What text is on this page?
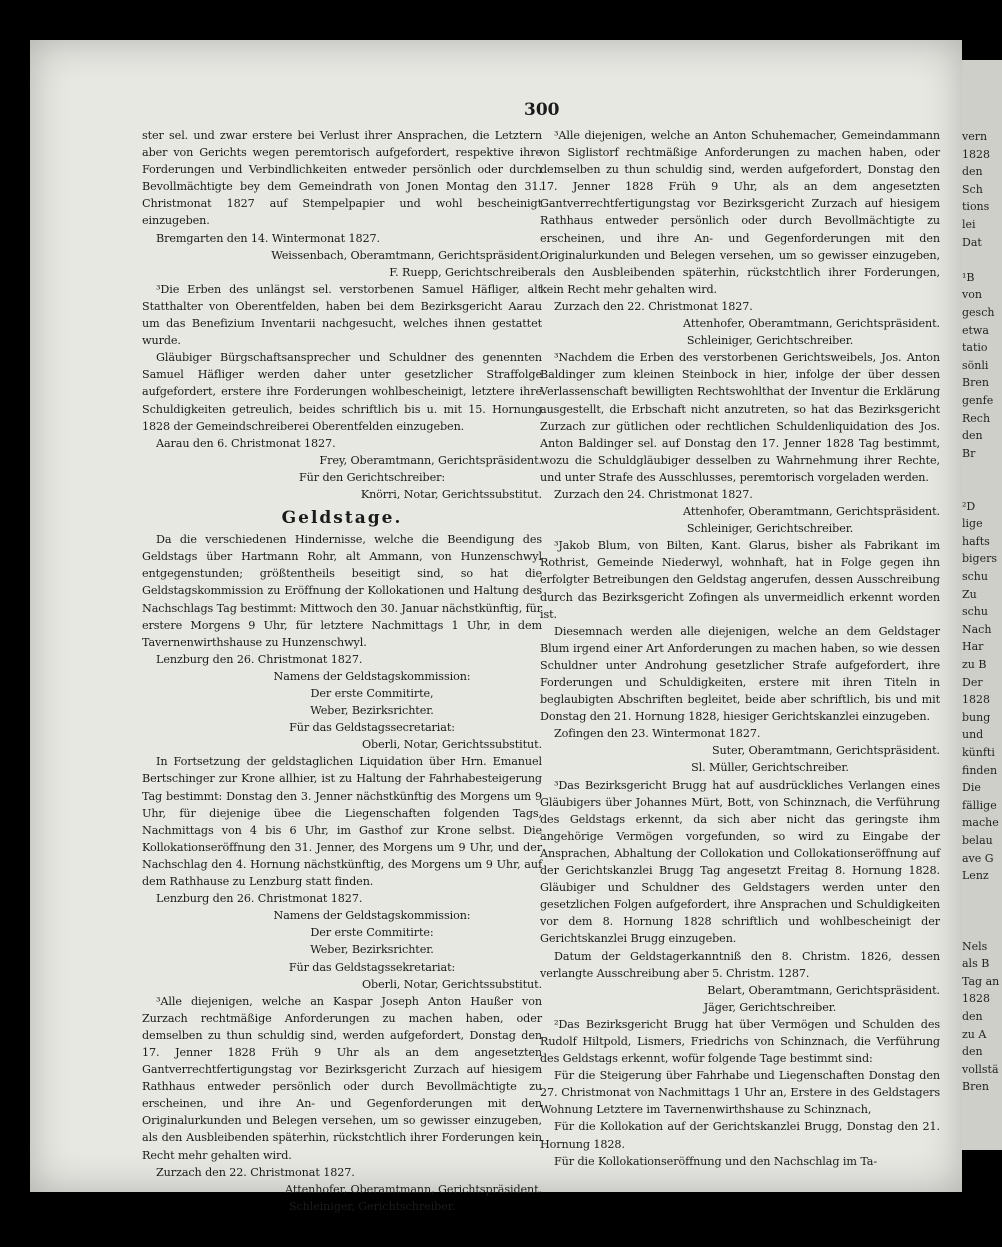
300

ster sel. und zwar erstere bei Verlust ihrer Ansprachen, die Letztern aber von Gerichts wegen peremtorisch aufgefordert, respektive ihre Forderungen und Verbindlichkeiten entweder persönlich oder durch Bevollmächtigte bey dem Gemeindrath von Jonen Montag den 31. Christmonat 1827 auf Stempelpapier und wohl bescheinigt einzugeben.

Bremgarten den 14. Wintermonat 1827.

Weissenbach, Oberamtmann, Gerichtspräsident.

F. Ruepp, Gerichtschreiber.

³Die Erben des unlängst sel. verstorbenen Samuel Häfliger, alt Statthalter von Oberentfelden, haben bei dem Bezirksgericht Aarau um das Benefizium Inventarii nachgesucht, welches ihnen gestattet wurde.

Gläubiger Bürgschaftsansprecher und Schuldner des genennten Samuel Häfliger werden daher unter gesetzlicher Straffolge aufgefordert, erstere ihre Forderungen wohlbescheinigt, letztere ihre Schuldigkeiten getreulich, beides schriftlich bis u. mit 15. Hornung 1828 der Gemeindschreiberei Oberentfelden einzugeben.

Aarau den 6. Christmonat 1827.

Frey, Oberamtmann, Gerichtspräsident.

Für den Gerichtschreiber:

Knörri, Notar, Gerichtssubstitut.

Geldstage.

Da die verschiedenen Hindernisse, welche die Beendigung des Geldstags über Hartmann Rohr, alt Ammann, von Hunzenschwyl entgegenstunden; größtentheils beseitigt sind, so hat die Geldstagskommission zu Eröffnung der Kollokationen und Haltung des Nachschlags Tag bestimmt: Mittwoch den 30. Januar nächstkünftig, für erstere Morgens 9 Uhr, für letztere Nachmittags 1 Uhr, in dem Tavernenwirthshause zu Hunzenschwyl.

Lenzburg den 26. Christmonat 1827.

Namens der Geldstagskommission:

Der erste Commitirte,

Weber, Bezirksrichter.

Für das Geldstagssecretariat:

Oberli, Notar, Gerichtssubstitut.

In Fortsetzung der geldstaglichen Liquidation über Hrn. Emanuel Bertschinger zur Krone allhier, ist zu Haltung der Fahrhabesteigerung Tag bestimmt: Donstag den 3. Jenner nächstkünftig des Morgens um 9 Uhr, für diejenige übee die Liegenschaften folgenden Tags, Nachmittags von 4 bis 6 Uhr, im Gasthof zur Krone selbst. Die Kollokationseröffnung den 31. Jenner, des Morgens um 9 Uhr, und der Nachschlag den 4. Hornung nächstkünftig, des Morgens um 9 Uhr, auf dem Rathhause zu Lenzburg statt finden.

Lenzburg den 26. Christmonat 1827.

Namens der Geldstagskommission:

Der erste Commitirte:

Weber, Bezirksrichter.

Für das Geldstagssekretariat:

Oberli, Notar, Gerichtssubstitut.

³Alle diejenigen, welche an Kaspar Joseph Anton Haußer von Zurzach rechtmäßige Anforderungen zu machen haben, oder demselben zu thun schuldig sind, werden aufgefordert, Donstag den 17. Jenner 1828 Früh 9 Uhr als an dem angesetzten Gantverrechtfertigungstag vor Bezirksgericht Zurzach auf hiesigem Rathhaus entweder persönlich oder durch Bevollmächtigte zu erscheinen, und ihre An- und Gegenforderungen mit den Originalurkunden und Belegen versehen, um so gewisser einzugeben, als den Ausbleibenden späterhin, rückstchtlich ihrer Forderungen kein Recht mehr gehalten wird.

Zurzach den 22. Christmonat 1827.

Attenhofer, Oberamtmann, Gerichtspräsident.

Schleiniger, Gerichtschreiber.

³Alle diejenigen, welche an Anton Schuhemacher, Gemeindammann von Siglistorf rechtmäßige Anforderungen zu machen haben, oder demselben zu thun schuldig sind, werden aufgefordert, Donstag den 17. Jenner 1828 Früh 9 Uhr, als an dem angesetzten Gantverrechtfertigungstag vor Bezirksgericht Zurzach auf hiesigem Rathhaus entweder persönlich oder durch Bevollmächtigte zu erscheinen, und ihre An- und Gegenforderungen mit den Originalurkunden und Belegen versehen, um so gewisser einzugeben, als den Ausbleibenden späterhin, rückstchtlich ihrer Forderungen, kein Recht mehr gehalten wird.

Zurzach den 22. Christmonat 1827.

Attenhofer, Oberamtmann, Gerichtspräsident.

Schleiniger, Gerichtschreiber.

³Nachdem die Erben des verstorbenen Gerichtsweibels, Jos. Anton Baldinger zum kleinen Steinbock in hier, infolge der über dessen Verlassenschaft bewilligten Rechtswohlthat der Inventur die Erklärung ausgestellt, die Erbschaft nicht anzutreten, so hat das Bezirksgericht Zurzach zur gütlichen oder rechtlichen Schuldenliquidation des Jos. Anton Baldinger sel. auf Donstag den 17. Jenner 1828 Tag bestimmt, wozu die Schuldgläubiger desselben zu Wahrnehmung ihrer Rechte, und unter Strafe des Ausschlusses, peremtorisch vorgeladen werden.

Zurzach den 24. Christmonat 1827.

Attenhofer, Oberamtmann, Gerichtspräsident.

Schleiniger, Gerichtschreiber.

³Jakob Blum, von Bilten, Kant. Glarus, bisher als Fabrikant im Rothrist, Gemeinde Niederwyl, wohnhaft, hat in Folge gegen ihn erfolgter Betreibungen den Geldstag angerufen, dessen Ausschreibung durch das Bezirksgericht Zofingen als unvermeidlich erkennt worden ist.

Diesemnach werden alle diejenigen, welche an dem Geldstager Blum irgend einer Art Anforderungen zu machen haben, so wie dessen Schuldner unter Androhung gesetzlicher Strafe aufgefordert, ihre Forderungen und Schuldigkeiten, erstere mit ihren Titeln in beglaubigten Abschriften begleitet, beide aber schriftlich, bis und mit Donstag den 21. Hornung 1828, hiesiger Gerichtskanzlei einzugeben.

Zofingen den 23. Wintermonat 1827.

Suter, Oberamtmann, Gerichtspräsident.

Sl. Müller, Gerichtschreiber.

³Das Bezirksgericht Brugg hat auf ausdrückliches Verlangen eines Gläubigers über Johannes Mürt, Bott, von Schinznach, die Verführung des Geldstags erkennt, da sich aber nicht das geringste ihm angehörige Vermögen vorgefunden, so wird zu Eingabe der Ansprachen, Abhaltung der Collokation und Collokationseröffnung auf der Gerichtskanzlei Brugg Tag angesetzt Freitag 8. Hornung 1828. Gläubiger und Schuldner des Geldstagers werden unter den gesetzlichen Folgen aufgefordert, ihre Ansprachen und Schuldigkeiten vor dem 8. Hornung 1828 schriftlich und wohlbescheinigt der Gerichtskanzlei Brugg einzugeben.

Datum der Geldstagerkanntniß den 8. Christm. 1826, dessen verlangte Ausschreibung aber 5. Christm. 1287.

Belart, Oberamtmann, Gerichtspräsident.

Jäger, Gerichtschreiber.

²Das Bezirksgericht Brugg hat über Vermögen und Schulden des Rudolf Hiltpold, Lismers, Friedrichs von Schinznach, die Verführung des Geldstags erkennt, wofür folgende Tage bestimmt sind:

Für die Steigerung über Fahrhabe und Liegenschaften Donstag den 27. Christmonat von Nachmittags 1 Uhr an, Erstere in des Geldstagers Wohnung Letztere im Tavernenwirthshause zu Schinznach,

Für die Kollokation auf der Gerichtskanzlei Brugg, Donstag den 21. Hornung 1828.

Für die Kollokationseröffnung und den Nachschlag im Ta-

vern
1828
den
Sch
tions
lei
Dat
¹B
von
gesch
etwa
tatio
sönli
Bren
genfe
Rech
den
Br
²D
lige
hafts
bigers
schu
Zu
schu
Nach
Har
zu B
Der
1828
bung
und
künfti
finden
Die
fällige
mache
belau
ave G
Lenz
Nels
als B
Tag an
1828
den
zu A
den
vollstä
Bren
